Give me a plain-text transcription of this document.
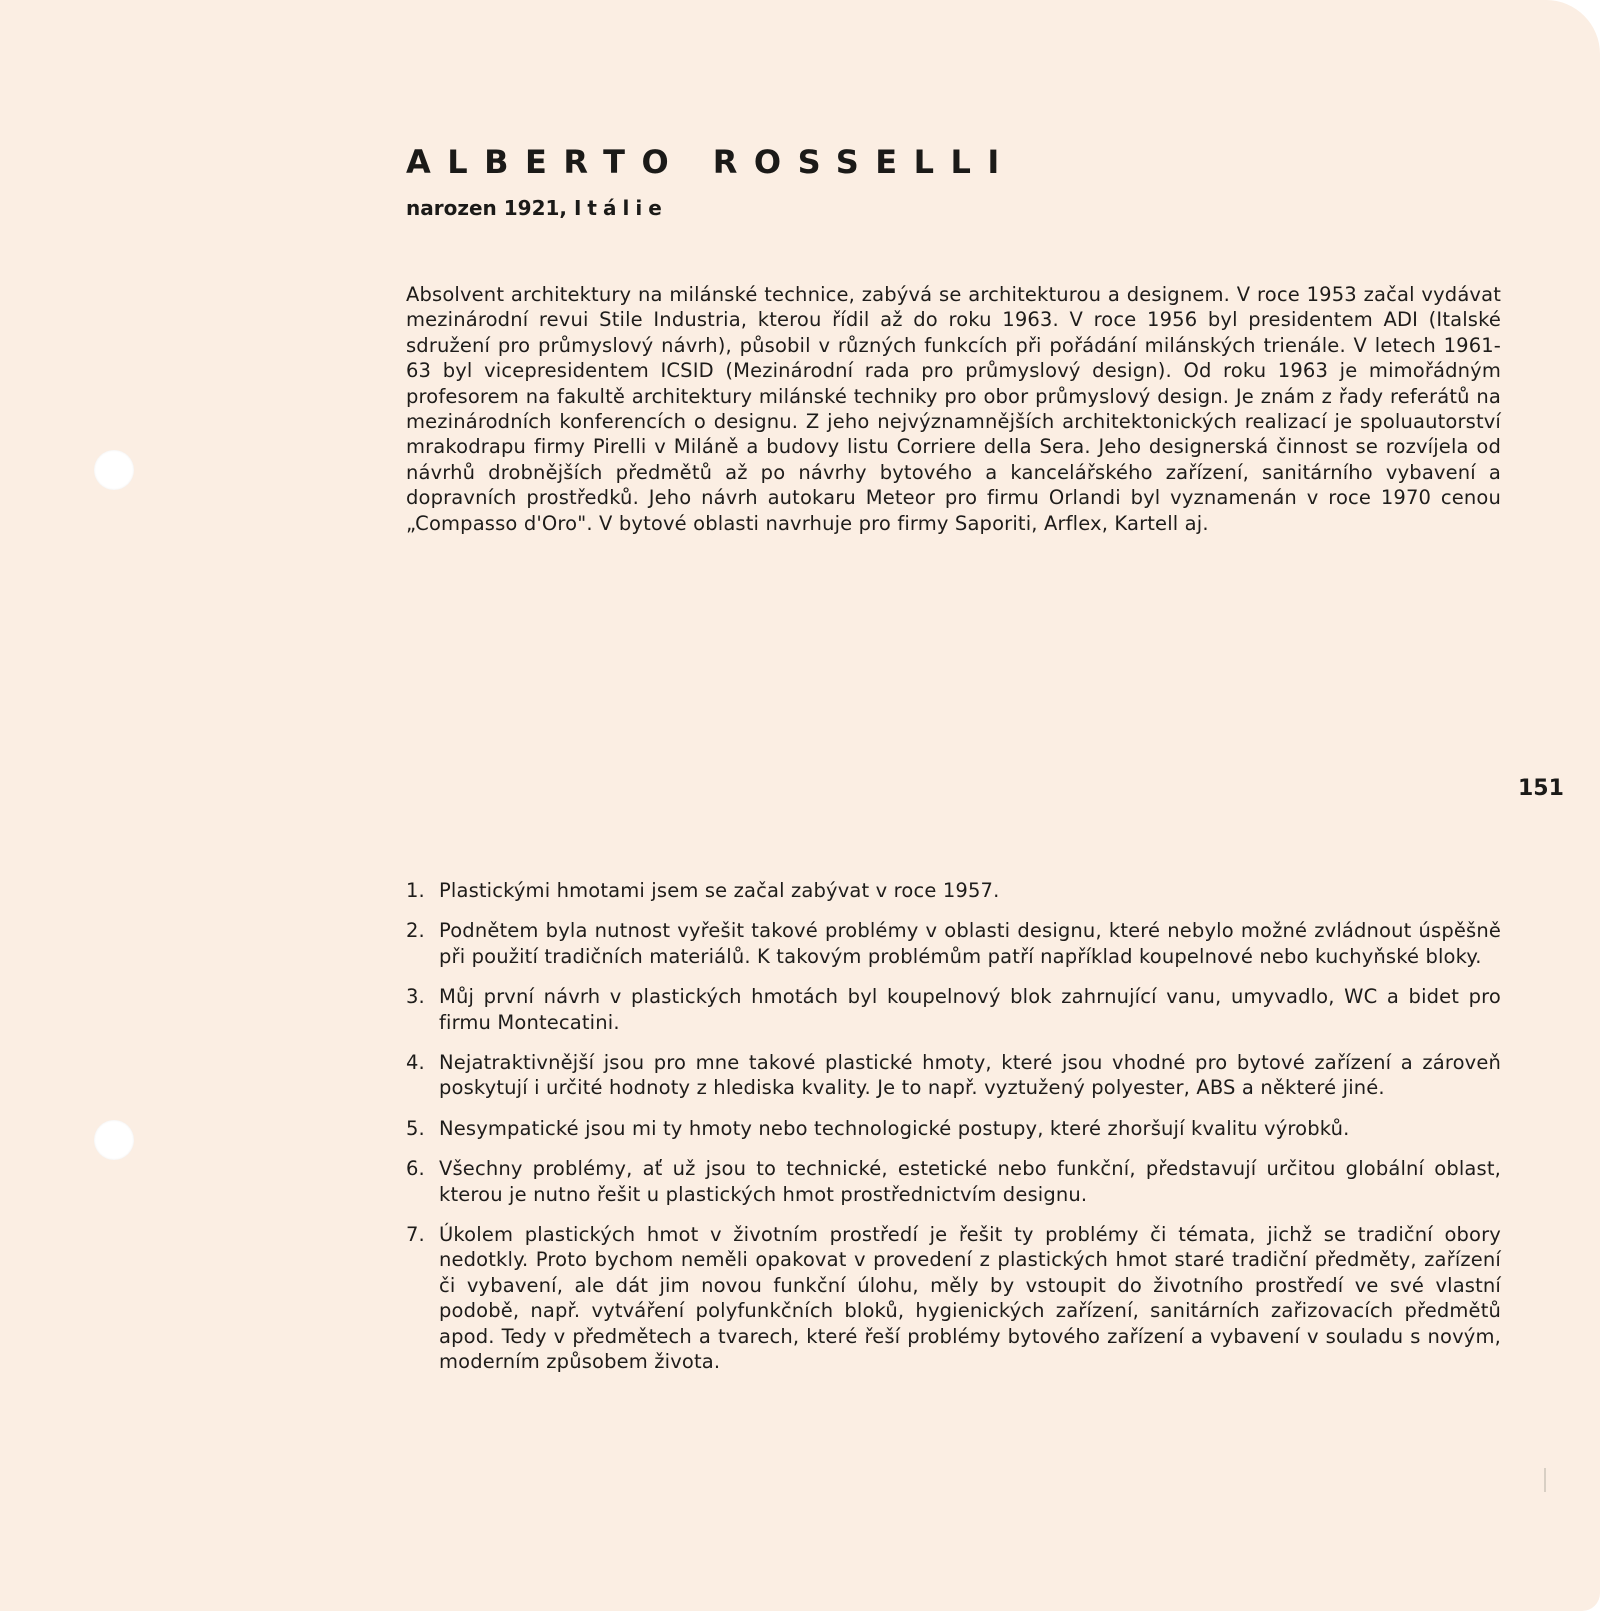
ALBERTO ROSSELLI
narozen 1921, Itálie

Absolvent architektury na milánské technice, zabývá se architekturou a designem. V roce 1953 začal vydávat mezinárodní revui Stile Industria, kterou řídil až do roku 1963. V roce 1956 byl presidentem ADI (Italské sdružení pro průmyslový návrh), působil v různých funkcích při pořádání milánských trienále. V letech 1961-63 byl vicepresidentem ICSID (Mezinárodní rada pro průmyslový design). Od roku 1963 je mimořádným profesorem na fakultě architektury milánské techniky pro obor průmyslový design. Je znám z řady referátů na mezinárodních konferencích o designu. Z jeho nejvýznamnějších architektonických realizací je spoluautorství mrakodrapu firmy Pirelli v Miláně a budovy listu Corriere della Sera. Jeho designerská činnost se rozvíjela od návrhů drobnějších předmětů až po návrhy bytového a kancelářského zařízení, sanitárního vybavení a dopravních prostředků. Jeho návrh autokaru Meteor pro firmu Orlandi byl vyznamenán v roce 1970 cenou „Compasso d'Oro". V bytové oblasti navrhuje pro firmy Saporiti, Arflex, Kartell aj.

151
1. Plastickými hmotami jsem se začal zabývat v roce 1957.
2. Podnětem byla nutnost vyřešit takové problémy v oblasti designu, které nebylo možné zvládnout úspěšně při použití tradičních materiálů. K takovým problémům patří například koupelnové nebo kuchyňské bloky.
3. Můj první návrh v plastických hmotách byl koupelnový blok zahrnující vanu, umyvadlo, WC a bidet pro firmu Montecatini.
4. Nejatraktivnější jsou pro mne takové plastické hmoty, které jsou vhodné pro bytové zařízení a zároveň poskytují i určité hodnoty z hlediska kvality. Je to např. vyztužený polyester, ABS a některé jiné.
5. Nesympatické jsou mi ty hmoty nebo technologické postupy, které zhoršují kvalitu výrobků.
6. Všechny problémy, ať už jsou to technické, estetické nebo funkční, představují určitou globální oblast, kterou je nutno řešit u plastických hmot prostřednictvím designu.
7. Úkolem plastických hmot v životním prostředí je řešit ty problémy či témata, jichž se tradiční obory nedotkly. Proto bychom neměli opakovat v provedení z plastických hmot staré tradiční předměty, zařízení či vybavení, ale dát jim novou funkční úlohu, měly by vstoupit do životního prostředí ve své vlastní podobě, např. vytváření polyfunkčních bloků, hygienických zařízení, sanitárních zařizovacích předmětů apod. Tedy v předmětech a tvarech, které řeší problémy bytového zařízení a vybavení v souladu s novým, moderním způsobem života.
